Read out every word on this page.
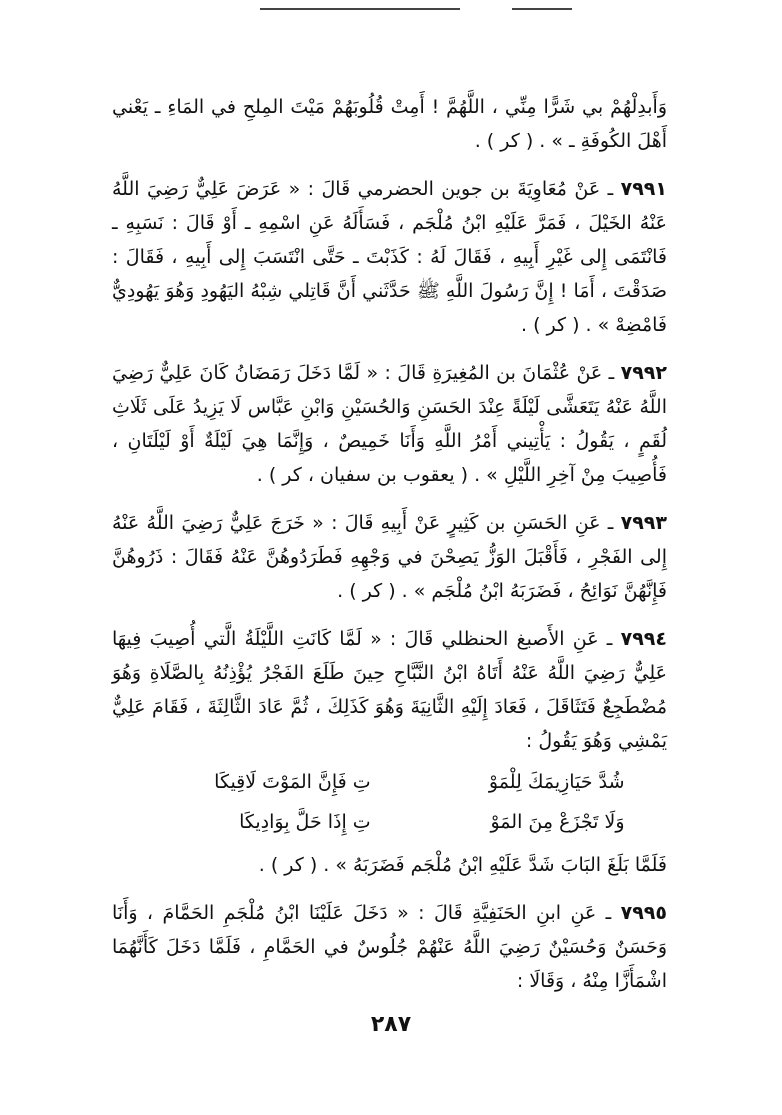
وَأَبدِلْهُمْ بي شَرًّا مِنِّي ، اللَّهُمَّ ! أَمِتْ قُلُوبَهُمْ مَيْتَ المِلحِ في المَاءِ ـ يَعْني أَهْلَ الكُوفَةِ ـ » . ( كر ) .

٧٩٩١ ـ عَنْ مُعَاوِيَةَ بن جوين الحضرمي قَالَ : « عَرَضَ عَلِيٌّ رَضِيَ اللَّهُ عَنْهُ الخَيْلَ ، فَمَرَّ عَلَيْهِ ابْنُ مُلْجَم ، فَسَأَلَهُ عَنِ اسْمِهِ ـ أَوْ قَالَ : نَسَبِهِ ـ فَانْتَمَى إِلى غَيْرِ أَبِيهِ ، فَقَالَ لَهُ : كَذَبْتَ ـ حَتَّى انْتَسَبَ إِلى أَبِيهِ ، فَقَالَ : صَدَقْتَ ، أَمَا ! إِنَّ رَسُولَ اللَّهِ ﷺ حَدَّثَني أَنَّ قَاتِلي شِبْهُ اليَهُودِ وَهُوَ يَهُودِيٌّ فَامْضِهْ » . ( كر ) .

٧٩٩٢ ـ عَنْ عُثْمَانَ بن المُغِيرَةِ قَالَ : « لَمَّا دَخَلَ رَمَضَانُ كَانَ عَلِيٌّ رَضِيَ اللَّهُ عَنْهُ يَتَعَشَّى لَيْلَةً عِنْدَ الحَسَنِ وَالحُسَيْنِ وَابْنِ عَبَّاس لَا يَزِيدُ عَلَى ثَلَاثِ لُقَمٍ ، يَقُولُ : يَأْتِيني أَمْرُ اللَّهِ وَأَنَا خَمِيصٌ ، وَإِنَّمَا هِيَ لَيْلَةٌ أَوْ لَيْلَتَانِ ، فَأُصِيبَ مِنْ آخِرِ اللَّيْلِ » . ( يعقوب بن سفيان ، كر ) .

٧٩٩٣ ـ عَنِ الحَسَنِ بن كَثِيرٍ عَنْ أَبِيهِ قَالَ : « خَرَجَ عَلِيٌّ رَضِيَ اللَّهُ عَنْهُ إِلى الفَجْرِ ، فَأَقْبَلَ الوَزُّ يَصِحْنَ في وَجْهِهِ فَطَرَدُوهُنَّ عَنْهُ فَقَالَ : ذَرُوهُنَّ فَإِنَّهُنَّ نَوَائِحُ ، فَضَرَبَهُ ابْنُ مُلْجَم » . ( كر ) .

٧٩٩٤ ـ عَنِ الأَصبغ الحنظلي قَالَ : « لَمَّا كَانَتِ اللَّيْلَةُ الَّتي أُصِيبَ فِيهَا عَلِيٌّ رَضِيَ اللَّهُ عَنْهُ أَتَاهُ ابْنُ النَّبَّاحِ حِينَ طَلَعَ الفَجْرُ يُؤْذِنُهُ بِالصَّلَاةِ وَهُوَ مُضْطَجِعٌ فَتَثَاقَلَ ، فَعَادَ إِلَيْهِ الثَّانِيَةَ وَهُوَ كَذَلِكَ ، ثُمَّ عَادَ الثَّالِثَةَ ، فَقَامَ عَلِيٌّ يَمْشِي وَهُوَ يَقُولُ :

شُدَّ حَيَازِيمَكَ لِلْمَوْ
تِ فَإِنَّ المَوْتَ لَاقِيكَا
وَلَا تَجْزَعْ مِنَ المَوْ
تِ إِذَا حَلَّ بِوَادِيكَا

فَلَمَّا بَلَغَ البَابَ شَدَّ عَلَيْهِ ابْنُ مُلْجَم فَضَرَبَهُ » . ( كر ) .

٧٩٩٥ ـ عَنِ ابنِ الحَنَفِيَّةِ قَالَ : « دَخَلَ عَلَيْنَا ابْنُ مُلْجَمِ الحَمَّامَ ، وَأَنَا وَحَسَنٌ وَحُسَيْنٌ رَضِيَ اللَّهُ عَنْهُمْ جُلُوسٌ في الحَمَّامِ ، فَلَمَّا دَخَلَ كَأَنَّهُمَا اشْمَأَزَّا مِنْهُ ، وَقَالَا :

٢٨٧
